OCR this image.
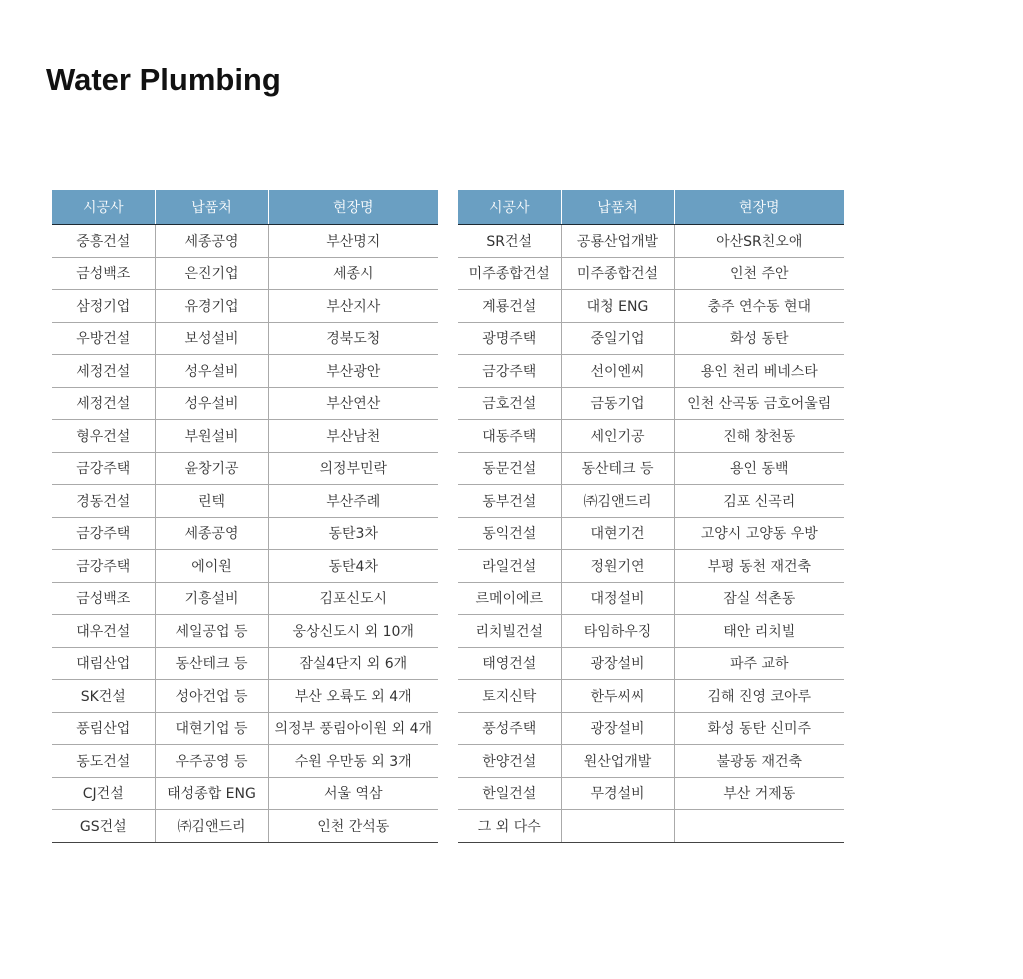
Water Plumbing
시공사	납품처	현장명
중흥건설	세종공영	부산명지
금성백조	은진기업	세종시
삼정기업	유경기업	부산지사
우방건설	보성설비	경북도청
세정건설	성우설비	부산광안
세정건설	성우설비	부산연산
형우건설	부원설비	부산남천
금강주택	윤창기공	의정부민락
경동건설	린텍	부산주례
금강주택	세종공영	동탄3차
금강주택	에이원	동탄4차
금성백조	기흥설비	김포신도시
대우건설	세일공업 등	웅상신도시 외 10개
대림산업	동산테크 등	잠실4단지 외 6개
SK건설	성아건업 등	부산 오륙도 외 4개
풍림산업	대현기업 등	의정부 풍림아이원 외 4개
동도건설	우주공영 등	수원 우만동 외 3개
CJ건설	태성종합 ENG	서울 역삼
GS건설	㈜김앤드리	인천 간석동
시공사	납품처	현장명
SR건설	공룡산업개발	아산SR친오애
미주종합건설	미주종합건설	인천 주안
계룡건설	대청 ENG	충주 연수동 현대
광명주택	중일기업	화성 동탄
금강주택	선이엔씨	용인 천리 베네스타
금호건설	금동기업	인천 산곡동 금호어울림
대동주택	세인기공	진해 창천동
동문건설	동산테크 등	용인 동백
동부건설	㈜김앤드리	김포 신곡리
동익건설	대현기건	고양시 고양동 우방
라일건설	정원기연	부평 동천 재건축
르메이에르	대정설비	잠실 석촌동
리치빌건설	타임하우징	태안 리치빌
태영건설	광장설비	파주 교하
토지신탁	한두씨씨	김해 진영 코아루
풍성주택	광장설비	화성 동탄 신미주
한양건설	원산업개발	불광동 재건축
한일건설	무경설비	부산 거제동
그 외 다수		
